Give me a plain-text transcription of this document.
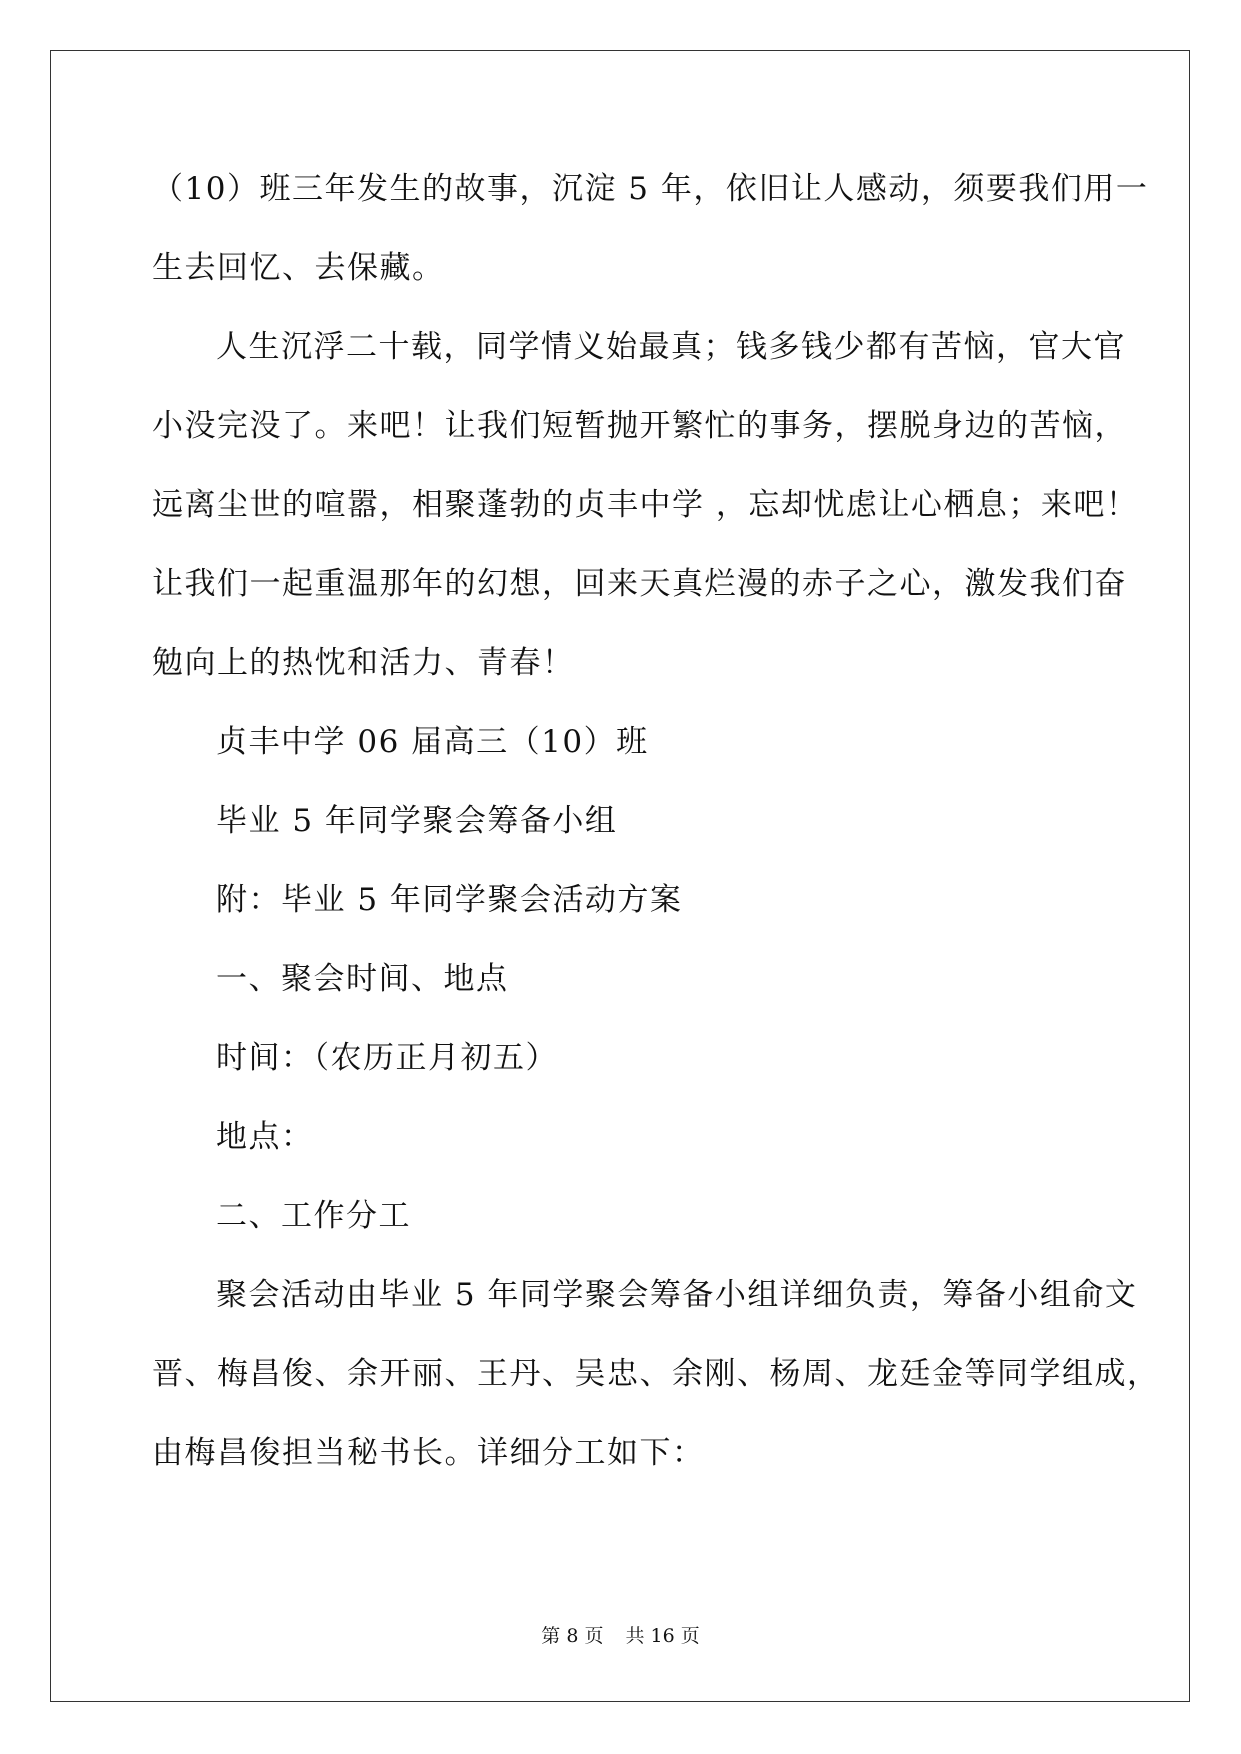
（10）班三年发生的故事，沉淀 5 年，依旧让人感动，须要我们用一

生去回忆、去保藏。

人生沉浮二十载，同学情义始最真；钱多钱少都有苦恼，官大官

小没完没了。来吧！让我们短暂抛开繁忙的事务，摆脱身边的苦恼，

远离尘世的喧嚣，相聚蓬勃的贞丰中学 ，忘却忧虑让心栖息；来吧！

让我们一起重温那年的幻想，回来天真烂漫的赤子之心，激发我们奋

勉向上的热忱和活力、青春！

贞丰中学 06 届高三（10）班

毕业 5 年同学聚会筹备小组

附：毕业 5 年同学聚会活动方案

一、聚会时间、地点

时间：（农历正月初五）

地点：

二、工作分工

聚会活动由毕业 5 年同学聚会筹备小组详细负责，筹备小组俞文

晋、梅昌俊、余开丽、王丹、吴忠、余刚、杨周、龙廷金等同学组成，

由梅昌俊担当秘书长。详细分工如下：

第 8 页 共 16 页
